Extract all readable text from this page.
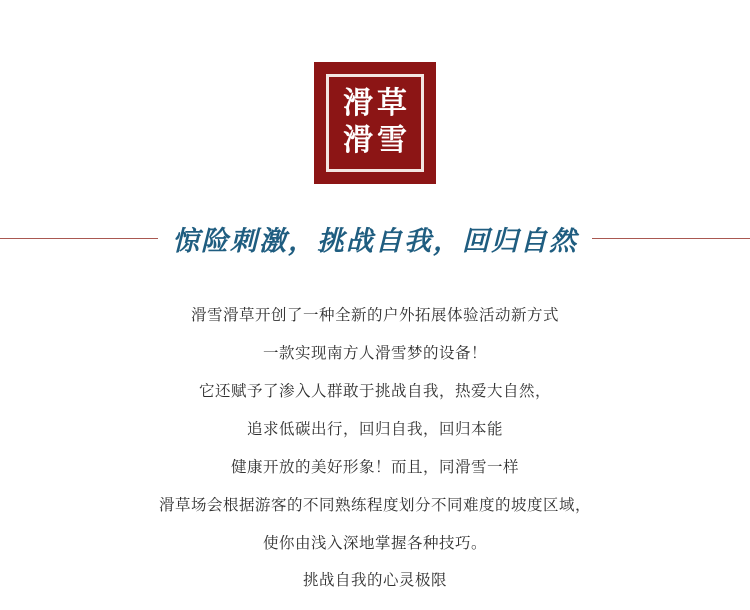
滑草
滑雪
惊险刺激，挑战自我，回归自然

滑雪滑草开创了一种全新的户外拓展体验活动新方式

一款实现南方人滑雪梦的设备！

它还赋予了渗入人群敢于挑战自我，热爱大自然，

追求低碳出行，回归自我，回归本能

健康开放的美好形象！而且，同滑雪一样

滑草场会根据游客的不同熟练程度划分不同难度的坡度区域，

使你由浅入深地掌握各种技巧。

挑战自我的心灵极限
